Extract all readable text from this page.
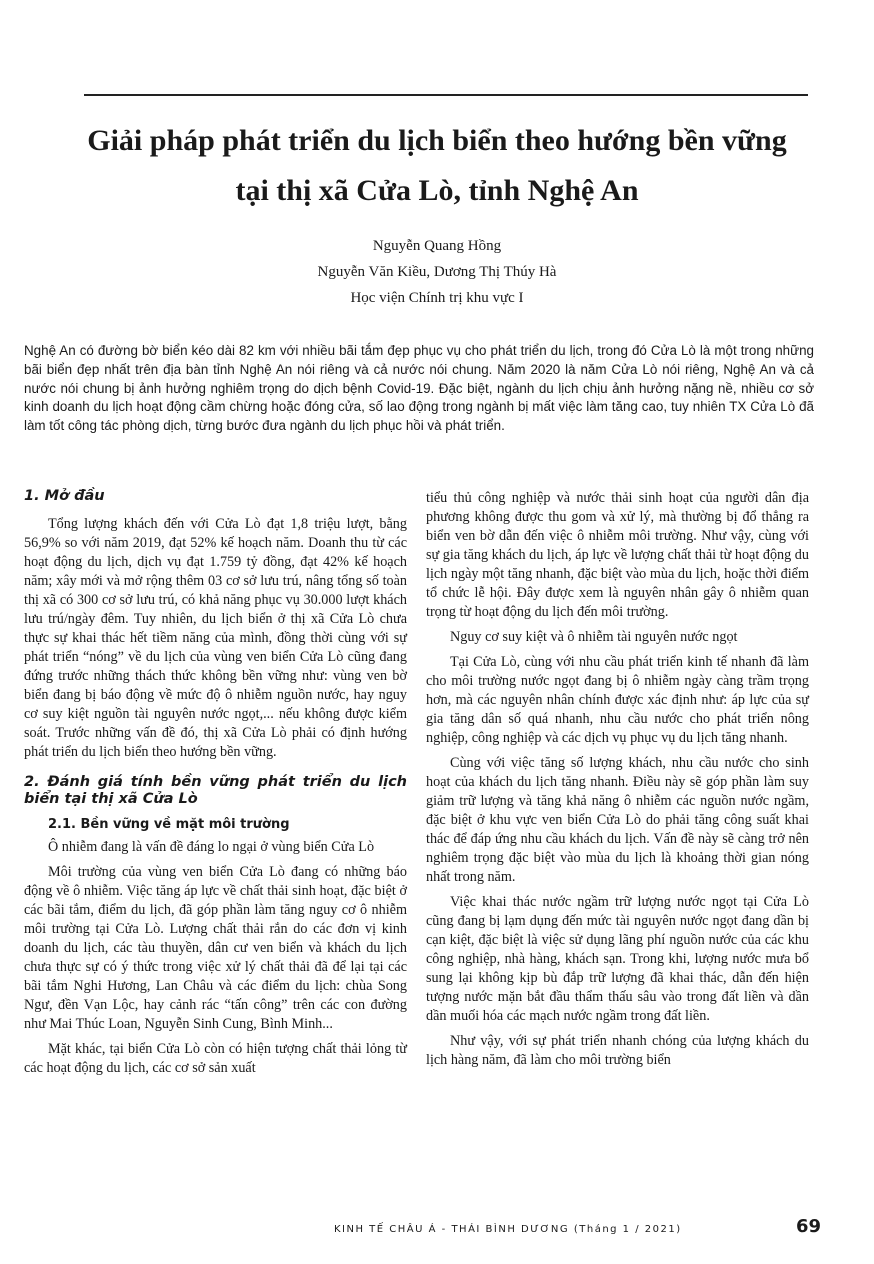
Giải pháp phát triển du lịch biển theo hướng bền vững
tại thị xã Cửa Lò, tỉnh Nghệ An
Nguyễn Quang Hồng
Nguyễn Văn Kiều, Dương Thị Thúy Hà
Học viện Chính trị khu vực I
Nghệ An có đường bờ biển kéo dài 82 km với nhiều bãi tắm đẹp phục vụ cho phát triển du lịch, trong đó Cửa Lò là một trong những bãi biển đẹp nhất trên địa bàn tỉnh Nghệ An nói riêng và cả nước nói chung. Năm 2020 là năm Cửa Lò nói riêng, Nghệ An và cả nước nói chung bị ảnh hưởng nghiêm trọng do dịch bệnh Covid-19. Đặc biệt, ngành du lịch chịu ảnh hưởng nặng nề, nhiều cơ sở kinh doanh du lịch hoạt động cầm chừng hoặc đóng cửa, số lao động trong ngành bị mất việc làm tăng cao, tuy nhiên TX Cửa Lò đã làm tốt công tác phòng dịch, từng bước đưa ngành du lịch phục hồi và phát triển.
1. Mở đầu

Tổng lượng khách đến với Cửa Lò đạt 1,8 triệu lượt, bằng 56,9% so với năm 2019, đạt 52% kế hoạch năm. Doanh thu từ các hoạt động du lịch, dịch vụ đạt 1.759 tỷ đồng, đạt 42% kế hoạch năm; xây mới và mở rộng thêm 03 cơ sở lưu trú, nâng tổng số toàn thị xã có 300 cơ sở lưu trú, có khả năng phục vụ 30.000 lượt khách lưu trú/ngày đêm. Tuy nhiên, du lịch biển ở thị xã Cửa Lò chưa thực sự khai thác hết tiềm năng của mình, đồng thời cùng với sự phát triển “nóng” về du lịch của vùng ven biển Cửa Lò cũng đang đứng trước những thách thức không bền vững như: vùng ven bờ biển đang bị báo động về mức độ ô nhiễm nguồn nước, hay nguy cơ suy kiệt nguồn tài nguyên nước ngọt,... nếu không được kiểm soát. Trước những vấn đề đó, thị xã Cửa Lò phải có định hướng phát triển du lịch biển theo hướng bền vững.

2. Đánh giá tính bền vững phát triển du lịch biển tại thị xã Cửa Lò
2.1. Bền vững về mặt môi trường

Ô nhiễm đang là vấn đề đáng lo ngại ở vùng biển Cửa Lò

Môi trường của vùng ven biển Cửa Lò đang có những báo động về ô nhiễm. Việc tăng áp lực về chất thải sinh hoạt, đặc biệt ở các bãi tắm, điểm du lịch, đã góp phần làm tăng nguy cơ ô nhiễm môi trường tại Cửa Lò. Lượng chất thải rắn do các đơn vị kinh doanh du lịch, các tàu thuyền, dân cư ven biển và khách du lịch chưa thực sự có ý thức trong việc xử lý chất thải đã để lại tại các bãi tắm Nghi Hương, Lan Châu và các điểm du lịch: chùa Song Ngư, đền Vạn Lộc, hay cảnh rác “tấn công” trên các con đường như Mai Thúc Loan, Nguyễn Sinh Cung, Bình Minh...

Mặt khác, tại biển Cửa Lò còn có hiện tượng chất thải lỏng từ các hoạt động du lịch, các cơ sở sản xuất

tiểu thủ công nghiệp và nước thải sinh hoạt của người dân địa phương không được thu gom và xử lý, mà thường bị đổ thẳng ra biển ven bờ dẫn đến việc ô nhiễm môi trường. Như vậy, cùng với sự gia tăng khách du lịch, áp lực về lượng chất thải từ hoạt động du lịch ngày một tăng nhanh, đặc biệt vào mùa du lịch, hoặc thời điểm tổ chức lễ hội. Đây được xem là nguyên nhân gây ô nhiễm quan trọng từ hoạt động du lịch đến môi trường.

Nguy cơ suy kiệt và ô nhiễm tài nguyên nước ngọt

Tại Cửa Lò, cùng với nhu cầu phát triển kinh tế nhanh đã làm cho môi trường nước ngọt đang bị ô nhiễm ngày càng trầm trọng hơn, mà các nguyên nhân chính được xác định như: áp lực của sự gia tăng dân số quá nhanh, nhu cầu nước cho phát triển nông nghiệp, công nghiệp và các dịch vụ phục vụ du lịch tăng nhanh.

Cùng với việc tăng số lượng khách, nhu cầu nước cho sinh hoạt của khách du lịch tăng nhanh. Điều này sẽ góp phần làm suy giảm trữ lượng và tăng khả năng ô nhiễm các nguồn nước ngầm, đặc biệt ở khu vực ven biển Cửa Lò do phải tăng công suất khai thác để đáp ứng nhu cầu khách du lịch. Vấn đề này sẽ càng trở nên nghiêm trọng đặc biệt vào mùa du lịch là khoảng thời gian nóng nhất trong năm.

Việc khai thác nước ngầm trữ lượng nước ngọt tại Cửa Lò cũng đang bị lạm dụng đến mức tài nguyên nước ngọt đang dần bị cạn kiệt, đặc biệt là việc sử dụng lãng phí nguồn nước của các khu công nghiệp, nhà hàng, khách sạn. Trong khi, lượng nước mưa bổ sung lại không kịp bù đắp trữ lượng đã khai thác, dẫn đến hiện tượng nước mặn bắt đầu thẩm thấu sâu vào trong đất liền và dần dần muối hóa các mạch nước ngầm trong đất liền.

Như vậy, với sự phát triển nhanh chóng của lượng khách du lịch hàng năm, đã làm cho môi trường biển

KINH TẾ CHÂU Á - THÁI BÌNH DƯƠNG (Tháng 1 / 2021)	69
